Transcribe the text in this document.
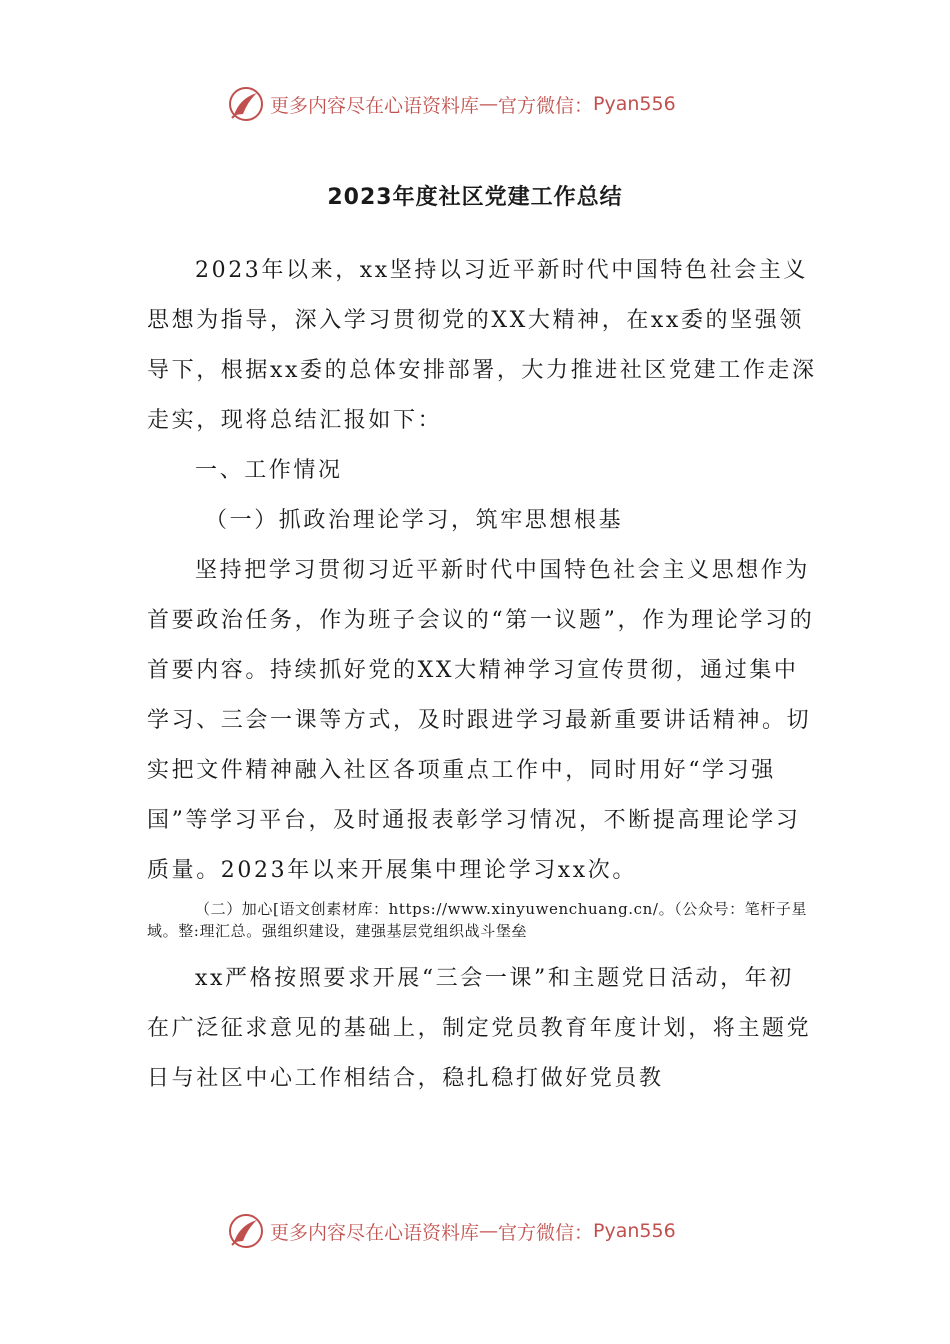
更多内容尽在心语资料库 — 官方微信： Pyan556
2023年度社区党建工作总结

2023年以来，xx坚持以习近平新时代中国特色社会主义思想为指导，深入学习贯彻党的XX大精神，在xx委的坚强领导下，根据xx委的总体安排部署，大力推进社区党建工作走深走实，现将总结汇报如下：

一、工作情况

（一）抓政治理论学习，筑牢思想根基

坚持把学习贯彻习近平新时代中国特色社会主义思想作为首要政治任务，作为班子会议的“第一议题”，作为理论学习的首要内容。持续抓好党的XX大精神学习宣传贯彻，通过集中学习、三会一课等方式，及时跟进学习最新重要讲话精神。切实把文件精神融入社区各项重点工作中，同时用好“学习强国”等学习平台，及时通报表彰学习情况，不断提高理论学习质量。2023年以来开展集中理论学习xx次。

（二）加心[语文创素材库：https://www.xinyuwenchuang.cn/。（公众号：笔杆子星域。整:理汇总。强组织建设，建强基层党组织战斗堡垒

xx严格按照要求开展“三会一课”和主题党日活动，年初在广泛征求意见的基础上，制定党员教育年度计划，将主题党日与社区中心工作相结合，稳扎稳打做好党员教

更多内容尽在心语资料库 — 官方微信： Pyan556
